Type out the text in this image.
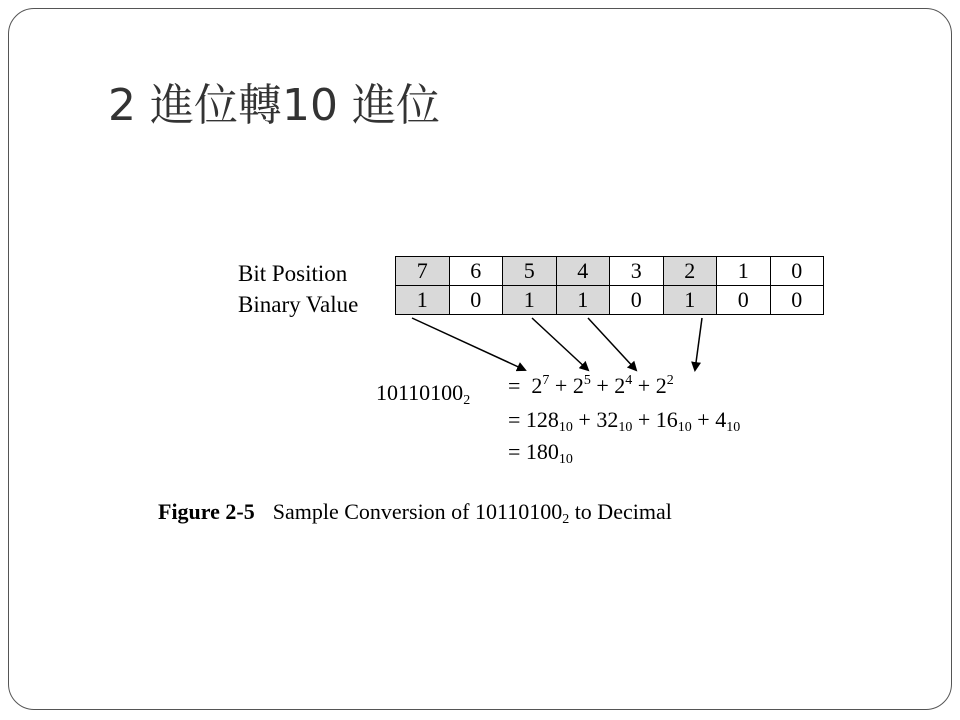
2 進位轉10 進位
Bit Position
Binary Value
7	6	5	4	3	2	1	0
1	0	1	1	0	1	0	0
$10110100_2$
= $2^7 + 2^5 + 2^4 + 2^2$
= $128_{10} + 32_{10} + 16_{10} + 4_{10}$
= $180_{10}$
Figure 2-5 Sample Conversion of $10110100_2$ to Decimal
